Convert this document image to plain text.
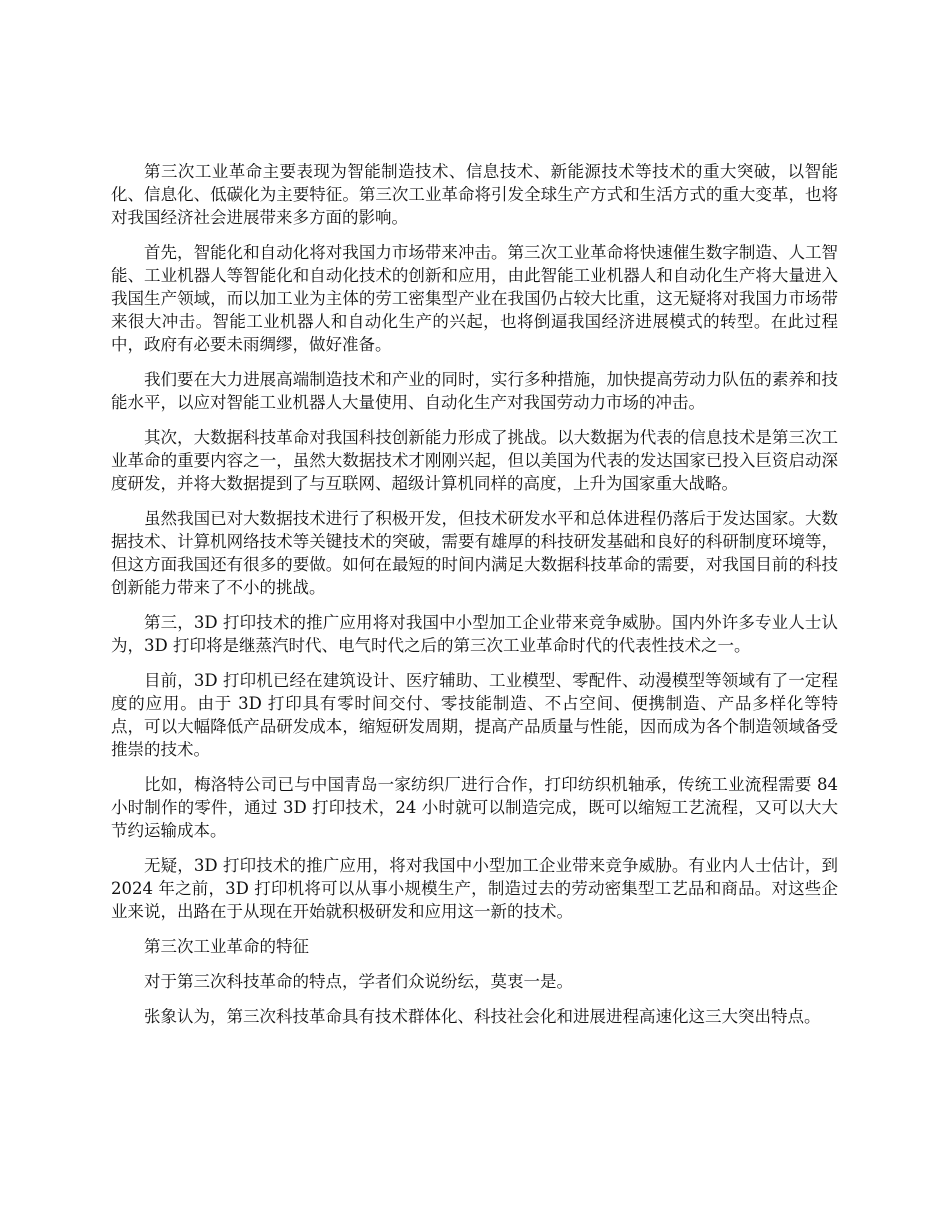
第三次工业革命主要表现为智能制造技术、信息技术、新能源技术等技术的重大突破，以智能化、信息化、低碳化为主要特征。第三次工业革命将引发全球生产方式和生活方式的重大变革，也将对我国经济社会进展带来多方面的影响。

首先，智能化和自动化将对我国力市场带来冲击。第三次工业革命将快速催生数字制造、人工智能、工业机器人等智能化和自动化技术的创新和应用，由此智能工业机器人和自动化生产将大量进入我国生产领域，而以加工业为主体的劳工密集型产业在我国仍占较大比重，这无疑将对我国力市场带来很大冲击。智能工业机器人和自动化生产的兴起，也将倒逼我国经济进展模式的转型。在此过程中，政府有必要未雨绸缪，做好准备。

我们要在大力进展高端制造技术和产业的同时，实行多种措施，加快提高劳动力队伍的素养和技能水平，以应对智能工业机器人大量使用、自动化生产对我国劳动力市场的冲击。

其次，大数据科技革命对我国科技创新能力形成了挑战。以大数据为代表的信息技术是第三次工业革命的重要内容之一，虽然大数据技术才刚刚兴起，但以美国为代表的发达国家已投入巨资启动深度研发，并将大数据提到了与互联网、超级计算机同样的高度，上升为国家重大战略。

虽然我国已对大数据技术进行了积极开发，但技术研发水平和总体进程仍落后于发达国家。大数据技术、计算机网络技术等关键技术的突破，需要有雄厚的科技研发基础和良好的科研制度环境等，但这方面我国还有很多的要做。如何在最短的时间内满足大数据科技革命的需要，对我国目前的科技创新能力带来了不小的挑战。

第三，3D 打印技术的推广应用将对我国中小型加工企业带来竞争威胁。国内外许多专业人士认为，3D 打印将是继蒸汽时代、电气时代之后的第三次工业革命时代的代表性技术之一。

目前，3D 打印机已经在建筑设计、医疗辅助、工业模型、零配件、动漫模型等领域有了一定程度的应用。由于 3D 打印具有零时间交付、零技能制造、不占空间、便携制造、产品多样化等特点，可以大幅降低产品研发成本，缩短研发周期，提高产品质量与性能，因而成为各个制造领域备受推崇的技术。

比如，梅洛特公司已与中国青岛一家纺织厂进行合作，打印纺织机轴承，传统工业流程需要 84 小时制作的零件，通过 3D 打印技术，24 小时就可以制造完成，既可以缩短工艺流程，又可以大大节约运输成本。

无疑，3D 打印技术的推广应用，将对我国中小型加工企业带来竞争威胁。有业内人士估计，到 2024 年之前，3D 打印机将可以从事小规模生产，制造过去的劳动密集型工艺品和商品。对这些企业来说，出路在于从现在开始就积极研发和应用这一新的技术。

第三次工业革命的特征

对于第三次科技革命的特点，学者们众说纷纭，莫衷一是。

张象认为，第三次科技革命具有技术群体化、科技社会化和进展进程高速化这三大突出特点。
